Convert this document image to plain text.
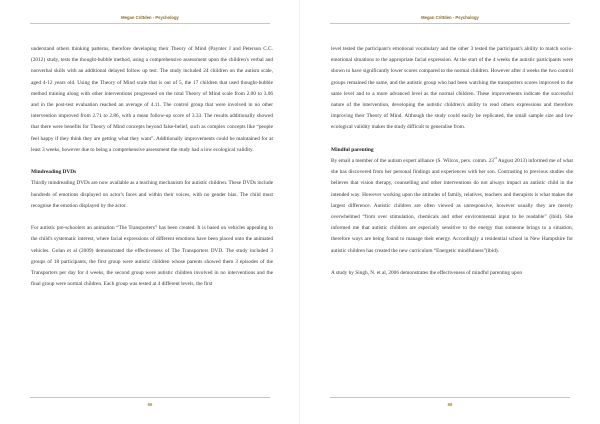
Megan Crittden - Psychology

understand others thinking patterns, therefore developing their Theory of Mind (Paynter J and Peterson C.C. (2012) study, tests the thought-bubble method, using a comprehensive assessment upon the children's verbal and nonverbal skills with an additional delayed follow up test. The study included 24 children on the autism scale, aged 4-12 years old. Using the Theory of Mind scale that is out of 5, the 17 children that used thought-bubble method training along with other interventions progressed on the total Theory of Mind scale from 2.00 to 3.06 and in the post-test evaluation reached an average of 4.11. The control group that were involved in no other intervention improved from 2.71 to 2.86, with a mean follow-up score of 3.33. The results additionally showed that there were benefits for Theory of Mind concepts beyond false-belief, such as complex concepts like “people feel happy if they think they are getting what they want”. Additionally improvements could be maintained for at least 3 weeks, however due to being a comprehensive assessment the study had a low ecological validity.

Mindreading DVDs

Thirdly mindreading DVDs are now available as a teaching mechanism for autistic children. These DVDs include hundreds of emotions displayed on actor's faces and within their voices, with no gender bias. The child must recognise the emotion displayed by the actor.

For autistic pre-schoolers an animation “The Transporters” has been created. It is based on vehicles appealing to the child's systematic interest, where facial expressions of different emotions have been placed onto the animated vehicles. Golan et al (2009) demonstrated the effectiveness of The Transporters DVD. The study included 3 groups of 18 participants, the first group were autistic children whose parents showed them 3 episodes of the Transporters per day for 4 weeks, the second group were autistic children involved in no interventions and the final group were normal children. Each group was tested at 4 different levels, the first

65
Megan Crittden - Psychology

level tested the participant's emotional vocabulary and the other 3 tested the participant's ability to match socio-emotional situations to the appropriate facial expression. At the start of the 4 weeks the autistic participants were shown to have significantly lower scores compared to the normal children. However after 4 weeks the two control groups remained the same, and the autistic group who had been watching the transporters scores improved to the same level and to a more advanced level as the normal children. These improvements indicate the successful nature of the intervention, developing the autistic children's ability to read others expressions and therefore improving their Theory of Mind. Although the study could easily be replicated, the small sample size and low ecological validity makes the study difficult to generalise from.

Mindful parenting

By email a member of the autism expert alliance (S. Wilcox, pers. comm. 23rd August 2013) informed me of what she has discovered from her personal findings and experiences with her son. Contrasting to previous studies she believes that vision therapy, counselling and other interventions do not always impact an autistic child in the intended way. However working upon the attitudes of family, relatives, teachers and therapists is what makes the largest difference. Autistic children are often viewed as unresponsive, however usually they are merely overwhelmed “from over stimulation, chemicals and other environmental input to be readable” (ibid). She informed me that autistic children are especially sensitive to the energy that someone brings to a situation, therefore ways are being found to manage their energy. Accordingly a residential school in New Hampshire for autistic children has created the new curriculum “Energetic mindfulness”(ibid).

A study by Singh, N. et al, 2006 demonstrates the effectiveness of mindful parenting upon

66
